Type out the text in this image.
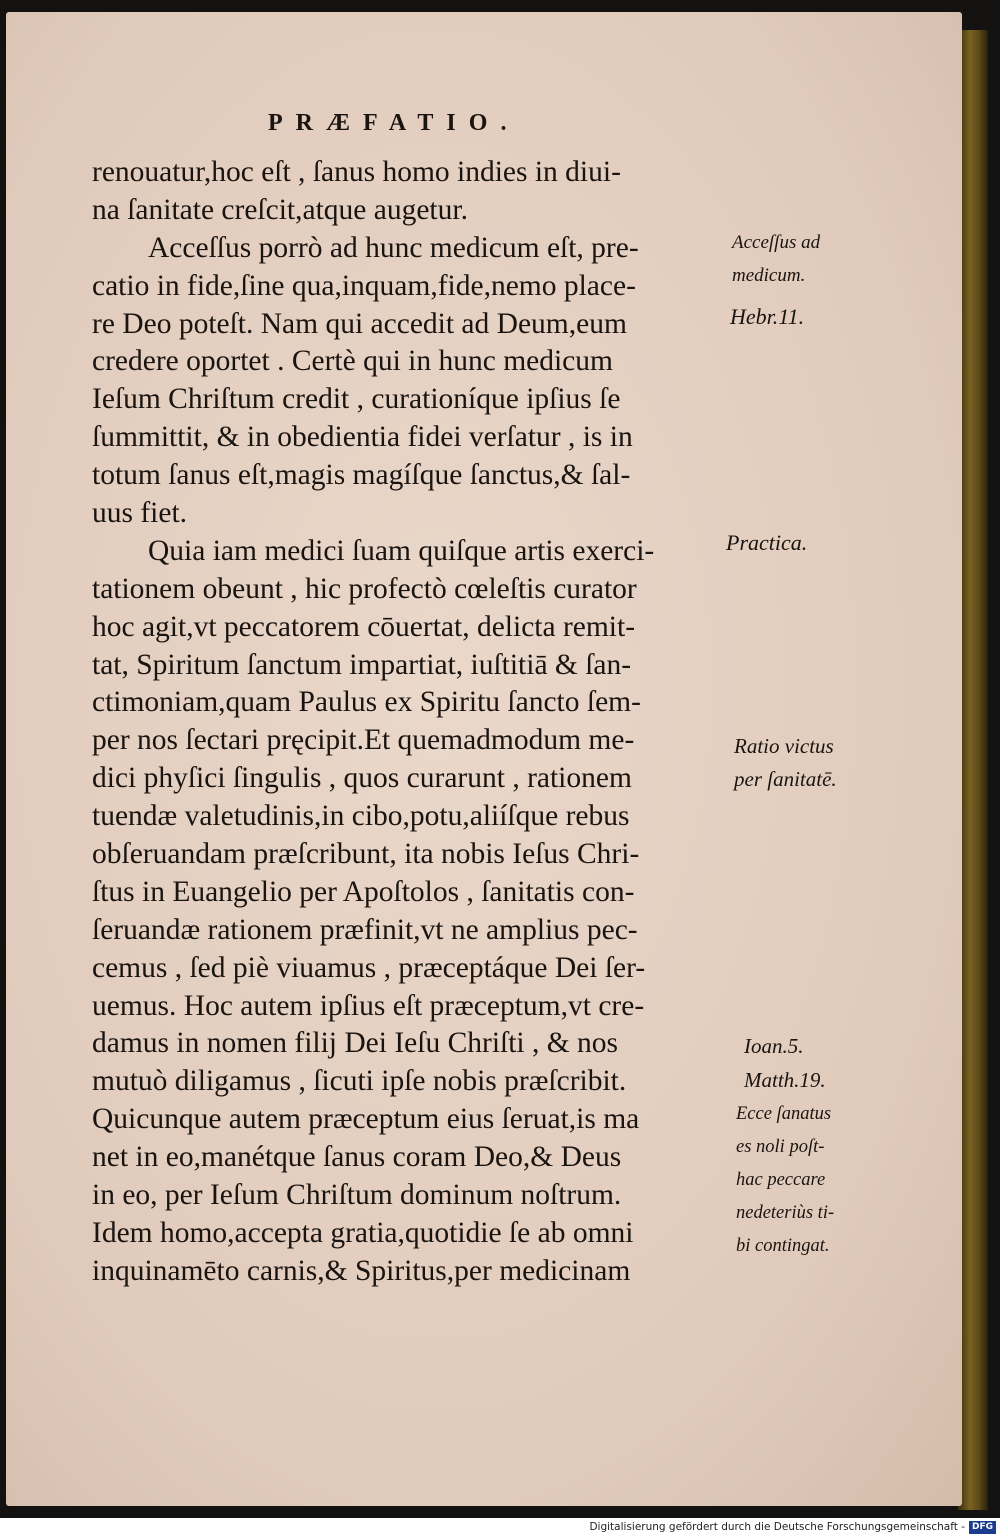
PRÆFATIO.
renouatur,hoc eſt , ſanus homo indies in diui-
na ſanitate creſcit,atque augetur.
Acceſſus porrò ad hunc medicum eſt, pre-
catio in fide,ſine qua,inquam,fide,nemo place-
re Deo poteſt. Nam qui accedit ad Deum,eum
credere oportet . Certè qui in hunc medicum
Ieſum Chriſtum credit , curationíque ipſius ſe
ſummittit, & in obedientia fidei verſatur , is in
totum ſanus eſt,magis magíſque ſanctus,& ſal-
uus fiet.
Quia iam medici ſuam quiſque artis exerci-
tationem obeunt , hic profectò cœleſtis curator
hoc agit,vt peccatorem cōuertat, delicta remit-
tat, Spiritum ſanctum impartiat, iuſtitiā & ſan-
ctimoniam,quam Paulus ex Spiritu ſancto ſem-
per nos ſectari pręcipit.Et quemadmodum me-
dici phyſici ſingulis , quos curarunt , rationem
tuendæ valetudinis,in cibo,potu,aliíſque rebus
obſeruandam præſcribunt, ita nobis Ieſus Chri-
ſtus in Euangelio per Apoſtolos , ſanitatis con-
ſeruandæ rationem præfinit,vt ne amplius pec-
cemus , ſed piè viuamus , præceptáque Dei ſer-
uemus. Hoc autem ipſius eſt præceptum,vt cre-
damus in nomen filij Dei Ieſu Chriſti , & nos
mutuò diligamus , ſicuti ipſe nobis præſcribit.
Quicunque autem præceptum eius ſeruat,is ma
net in eo,manétque ſanus coram Deo,& Deus
in eo, per Ieſum Chriſtum dominum noſtrum.
Idem homo,accepta gratia,quotidie ſe ab omni
inquinamēto carnis,& Spiritus,per medicinam
Acceſſus ad
medicum.
Hebr.11.
Practica.
Ratio victus
per ſanitatē.
Ioan.5.
Matth.19.
Ecce ſanatus
es noli poſt-
hac peccare
nedeteriùs ti-
bi contingat.
Digitalisierung gefördert durch die Deutsche Forschungsgemeinschaft - DFG
